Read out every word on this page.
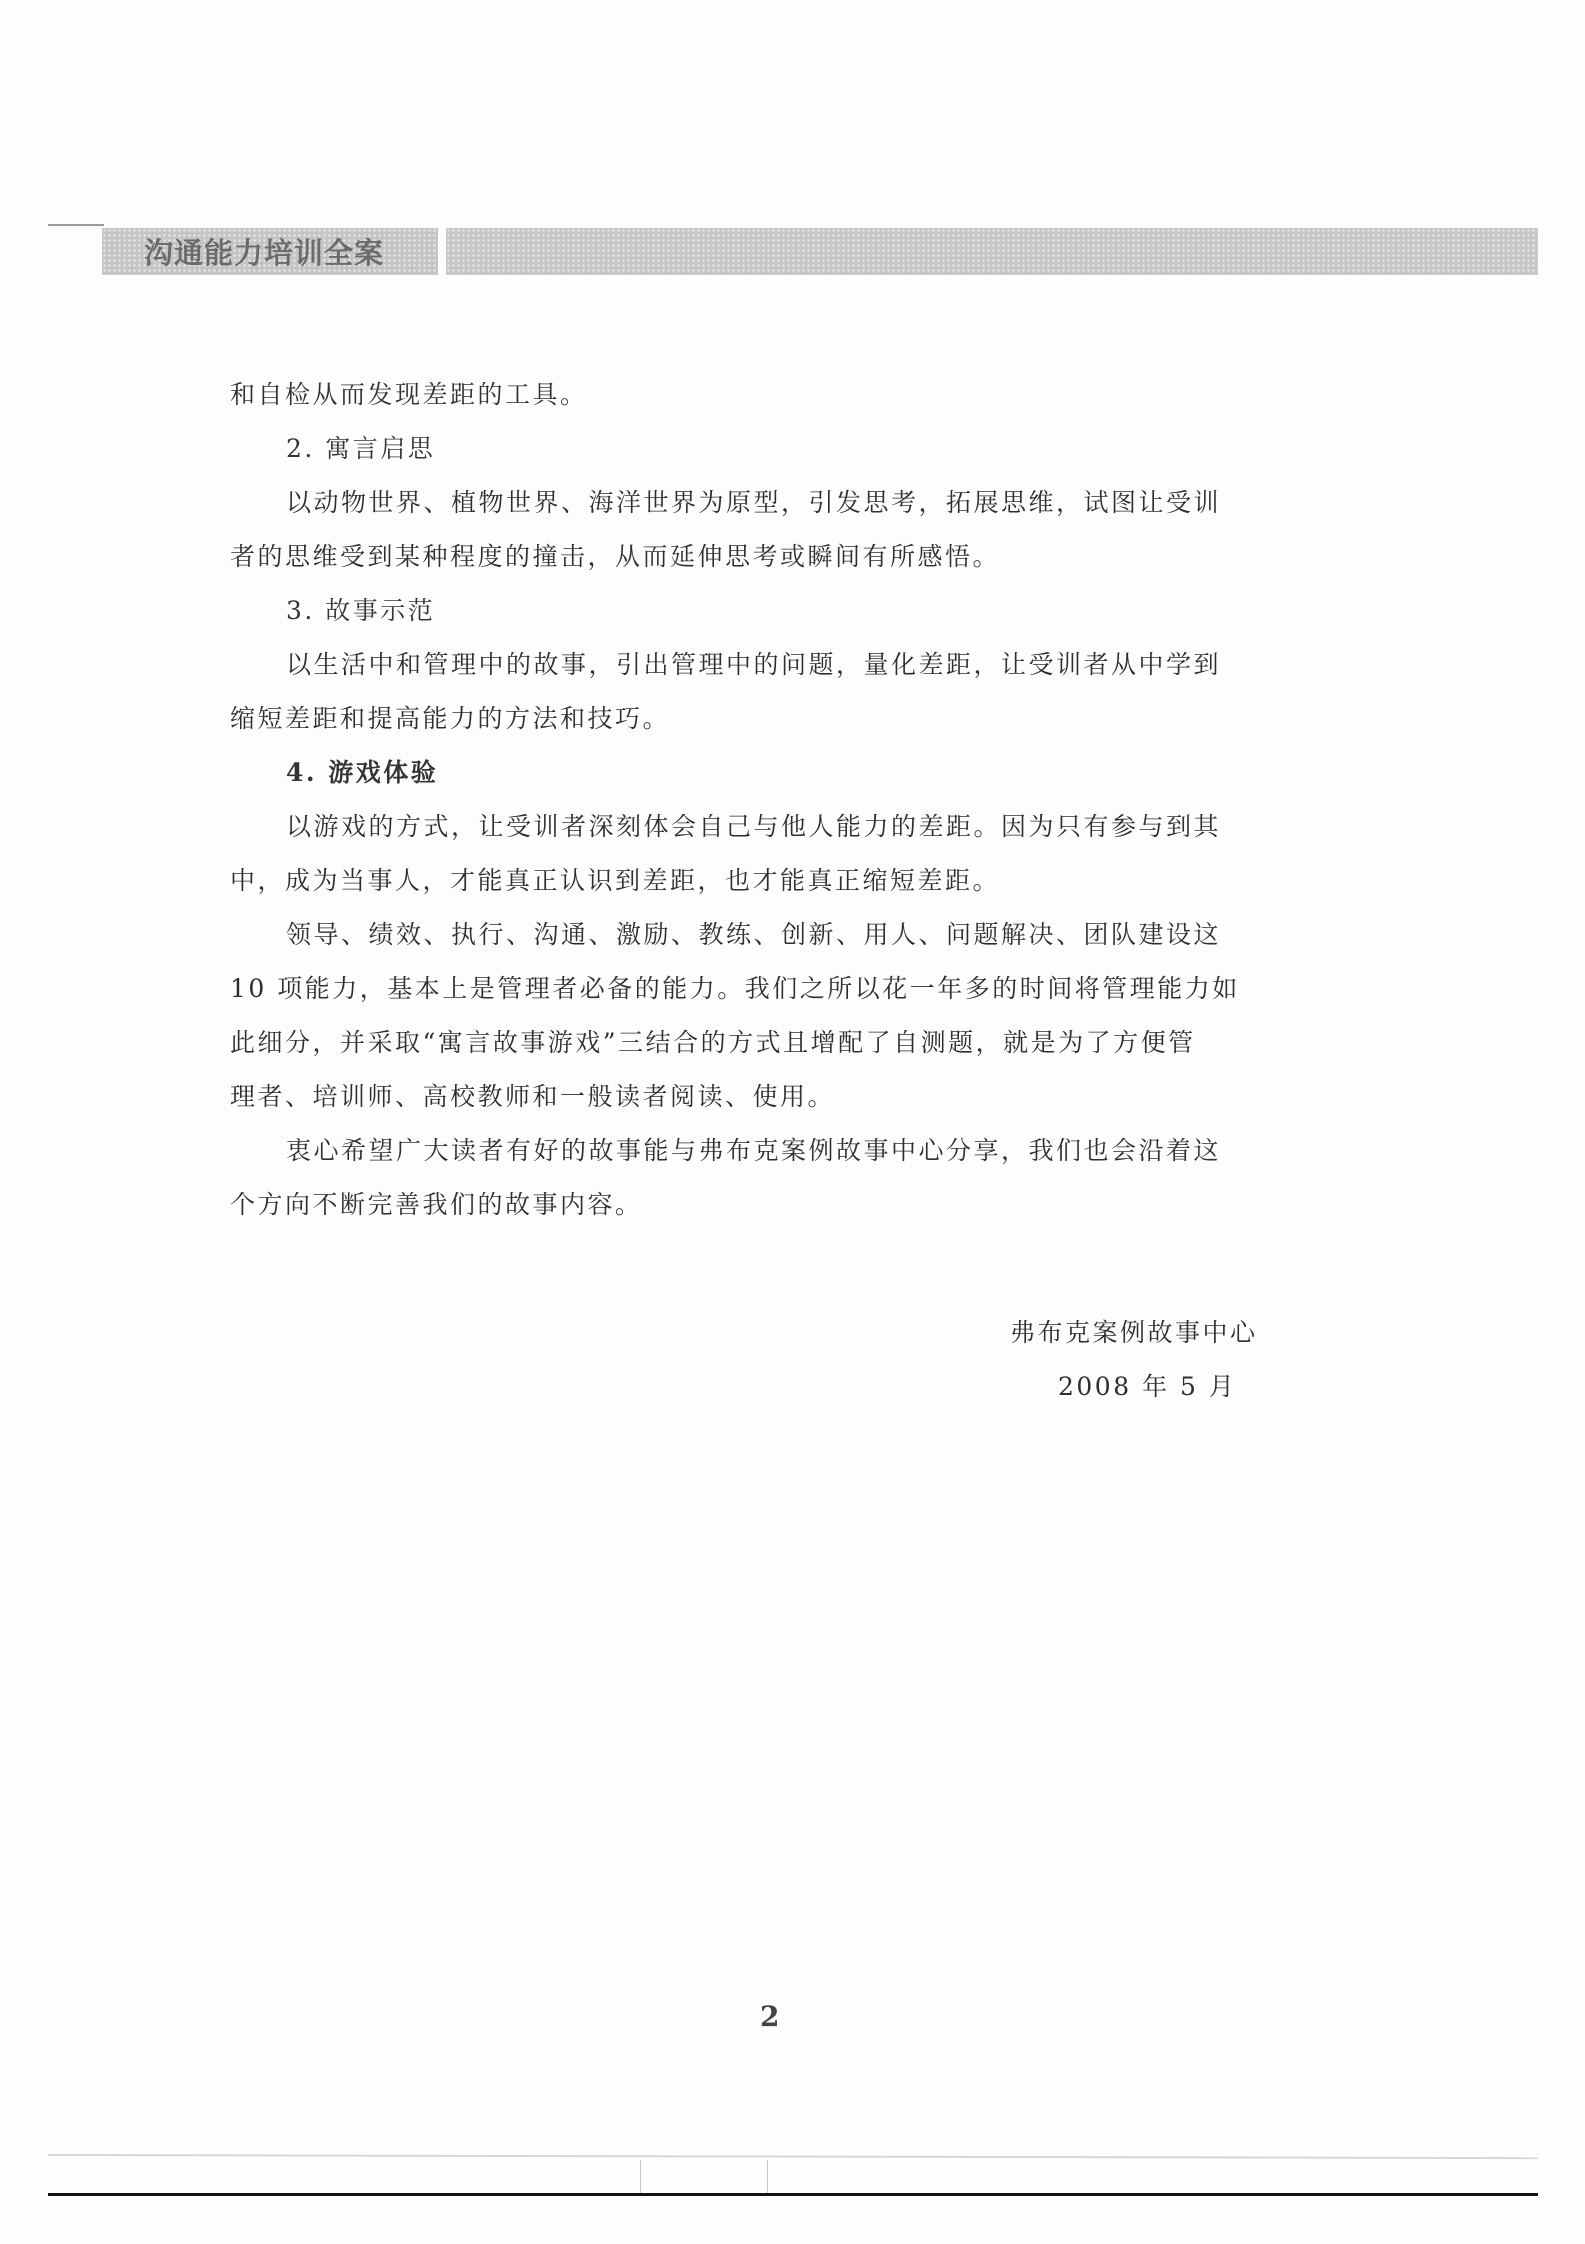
沟通能力培训全案
和自检从而发现差距的工具。
2. 寓言启思
以动物世界、植物世界、海洋世界为原型，引发思考，拓展思维，试图让受训
者的思维受到某种程度的撞击，从而延伸思考或瞬间有所感悟。
3. 故事示范
以生活中和管理中的故事，引出管理中的问题，量化差距，让受训者从中学到
缩短差距和提高能力的方法和技巧。
4. 游戏体验
以游戏的方式，让受训者深刻体会自己与他人能力的差距。因为只有参与到其
中，成为当事人，才能真正认识到差距，也才能真正缩短差距。
领导、绩效、执行、沟通、激励、教练、创新、用人、问题解决、团队建设这
10 项能力，基本上是管理者必备的能力。我们之所以花一年多的时间将管理能力如
此细分，并采取“寓言故事游戏”三结合的方式且增配了自测题，就是为了方便管
理者、培训师、高校教师和一般读者阅读、使用。
衷心希望广大读者有好的故事能与弗布克案例故事中心分享，我们也会沿着这
个方向不断完善我们的故事内容。
弗布克案例故事中心
2008 年 5 月
2
